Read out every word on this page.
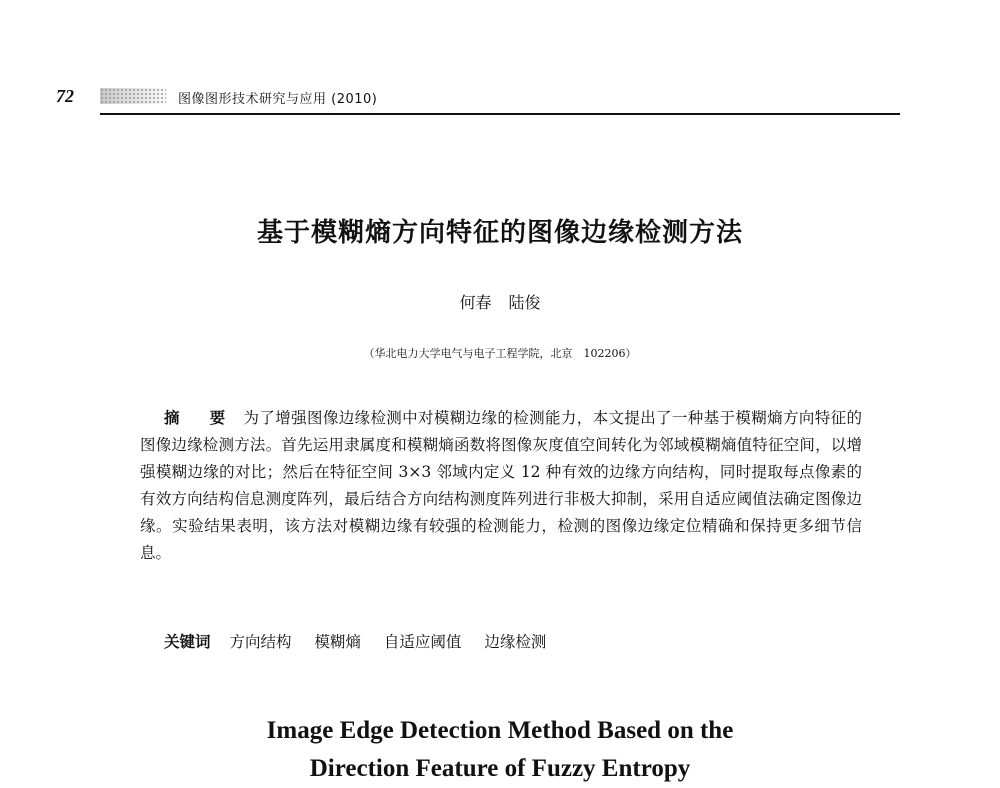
72	图像图形技术研究与应用 (2010)
基于模糊熵方向特征的图像边缘检测方法
何春 陆俊
（华北电力大学电气与电子工程学院，北京　102206）

摘 要 为了增强图像边缘检测中对模糊边缘的检测能力，本文提出了一种基于模糊熵方向特征的图像边缘检测方法。首先运用隶属度和模糊熵函数将图像灰度值空间转化为邻域模糊熵值特征空间，以增强模糊边缘的对比；然后在特征空间 3×3 邻域内定义 12 种有效的边缘方向结构，同时提取每点像素的有效方向结构信息测度阵列，最后结合方向结构测度阵列进行非极大抑制，采用自适应阈值法确定图像边缘。实验结果表明，该方法对模糊边缘有较强的检测能力，检测的图像边缘定位精确和保持更多细节信息。

关键词 方向结构 模糊熵 自适应阈值 边缘检测
Image Edge Detection Method Based on the
Direction Feature of Fuzzy Entropy
